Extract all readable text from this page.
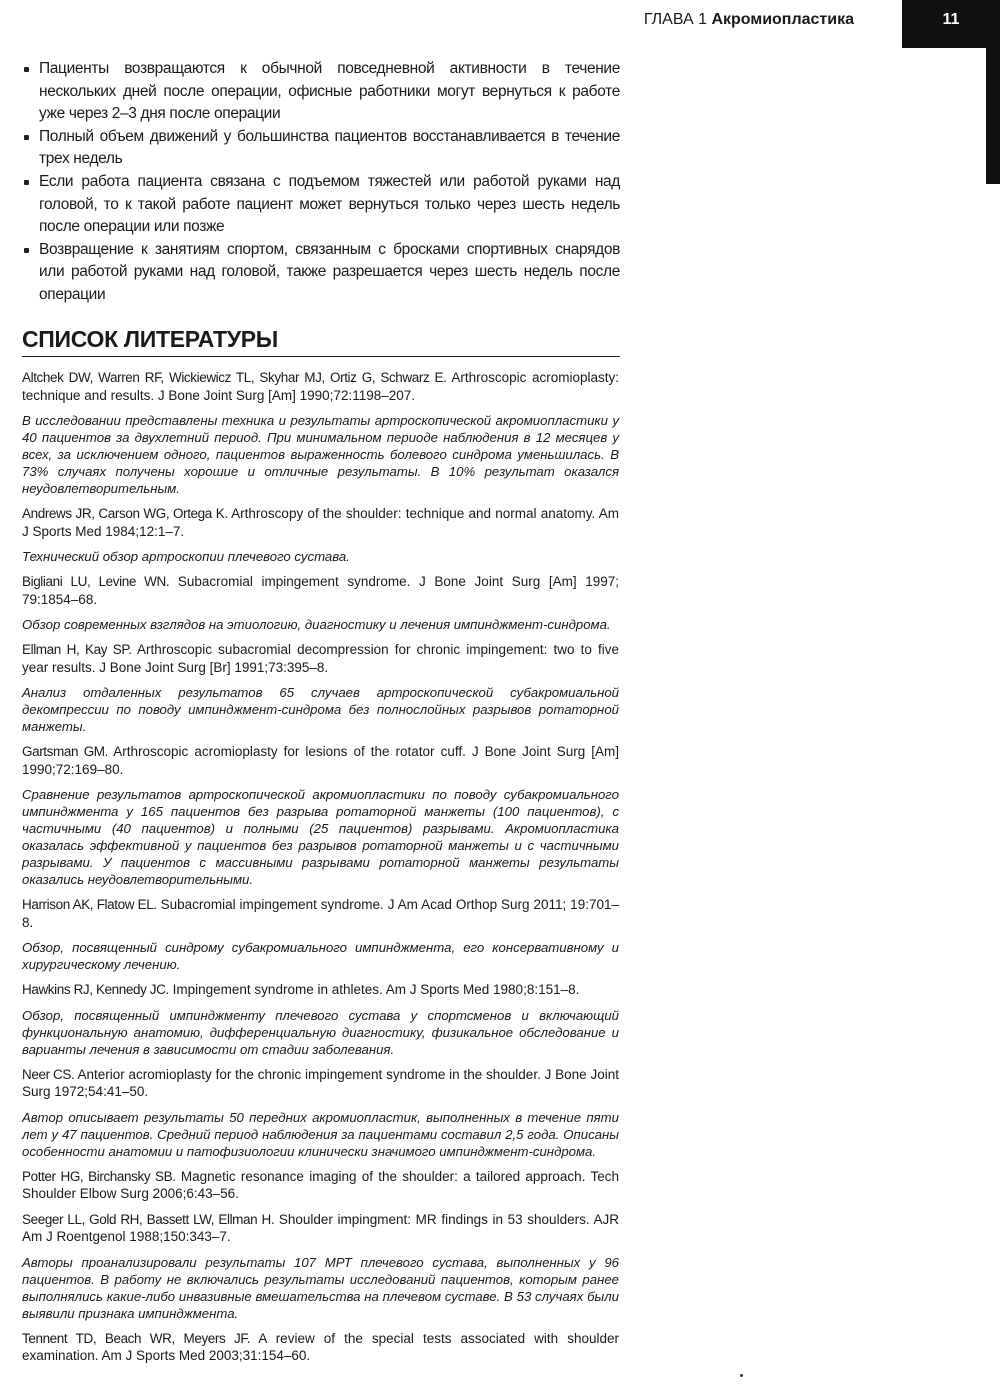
ГЛАВА 1 Акромиопластика	11
Пациенты возвращаются к обычной повседневной активности в течение нескольких дней после операции, офисные работники могут вернуться к работе уже через 2–3 дня после операции
Полный объем движений у большинства пациентов восстанавливается в течение трех недель
Если работа пациента связана с подъемом тяжестей или работой руками над головой, то к такой работе пациент может вернуться только через шесть недель после операции или позже
Возвращение к занятиям спортом, связанным с бросками спортивных снарядов или работой руками над головой, также разрешается через шесть недель после операции
СПИСОК ЛИТЕРАТУРЫ

Altchek DW, Warren RF, Wickiewicz TL, Skyhar MJ, Ortiz G, Schwarz E. Arthroscopic acromioplasty: technique and results. J Bone Joint Surg [Am] 1990;72:1198–207.

В исследовании представлены техника и результаты артроскопической акромиопластики у 40 пациентов за двухлетний период. При минимальном периоде наблюдения в 12 месяцев у всех, за исключением одного, пациентов выраженность болевого синдрома уменьшилась. В 73% случаях получены хорошие и отличные результаты. В 10% результат оказался неудовлетворительным.

Andrews JR, Carson WG, Ortega K. Arthroscopy of the shoulder: technique and normal anatomy. Am J Sports Med 1984;12:1–7.

Технический обзор артроскопии плечевого сустава.

Bigliani LU, Levine WN. Subacromial impingement syndrome. J Bone Joint Surg [Am] 1997; 79:1854–68.

Обзор современных взглядов на этиологию, диагностику и лечения импинджмент-синдрома.

Ellman H, Kay SP. Arthroscopic subacromial decompression for chronic impingement: two to five year results. J Bone Joint Surg [Br] 1991;73:395–8.

Анализ отдаленных результатов 65 случаев артроскопической субакромиальной декомпрессии по поводу импинджмент-синдрома без полнослойных разрывов ротаторной манжеты.

Gartsman GM. Arthroscopic acromioplasty for lesions of the rotator cuff. J Bone Joint Surg [Am] 1990;72:169–80.

Сравнение результатов артроскопической акромиопластики по поводу субакромиального импинджмента у 165 пациентов без разрыва ротаторной манжеты (100 пациентов), с частичными (40 пациентов) и полными (25 пациентов) разрывами. Акромиопластика оказалась эффективной у пациентов без разрывов ротаторной манжеты и с частичными разрывами. У пациентов с массивными разрывами ротаторной манжеты результаты оказались неудовлетворительными.

Harrison AK, Flatow EL. Subacromial impingement syndrome. J Am Acad Orthop Surg 2011; 19:701–8.

Обзор, посвященный синдрому субакромиального импинджмента, его консервативному и хирургическому лечению.

Hawkins RJ, Kennedy JC. Impingement syndrome in athletes. Am J Sports Med 1980;8:151–8.

Обзор, посвященный импинджменту плечевого сустава у спортсменов и включающий функциональную анатомию, дифференциальную диагностику, физикальное обследование и варианты лечения в зависимости от стадии заболевания.

Neer CS. Anterior acromioplasty for the chronic impingement syndrome in the shoulder. J Bone Joint Surg 1972;54:41–50.

Автор описывает результаты 50 передних акромиопластик, выполненных в течение пяти лет у 47 пациентов. Средний период наблюдения за пациентами составил 2,5 года. Описаны особенности анатомии и патофизиологии клинически значимого импинджмент-синдрома.

Potter HG, Birchansky SB. Magnetic resonance imaging of the shoulder: a tailored approach. Tech Shoulder Elbow Surg 2006;6:43–56.

Seeger LL, Gold RH, Bassett LW, Ellman H. Shoulder impingment: MR findings in 53 shoulders. AJR Am J Roentgenol 1988;150:343–7.

Авторы проанализировали результаты 107 МРТ плечевого сустава, выполненных у 96 пациентов. В работу не включались результаты исследований пациентов, которым ранее выполнялись какие-либо инвазивные вмешательства на плечевом суставе. В 53 случаях были выявили признака импинджмента.

Tennent TD, Beach WR, Meyers JF. A review of the special tests associated with shoulder examination. Am J Sports Med 2003;31:154–60.
